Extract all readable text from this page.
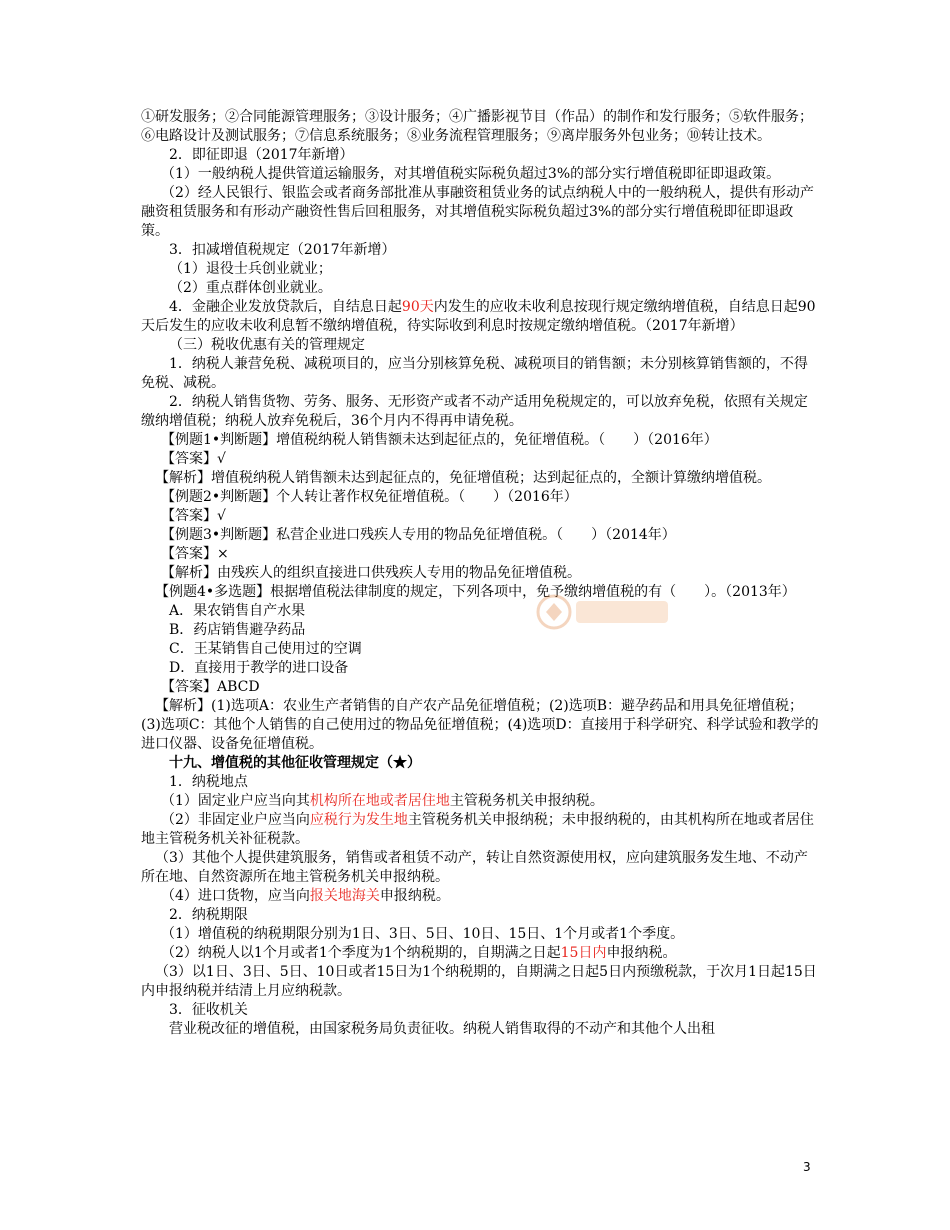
①研发服务；②合同能源管理服务；③设计服务；④广播影视节目（作品）的制作和发行服务；⑤软件服务；⑥电路设计及测试服务；⑦信息系统服务；⑧业务流程管理服务；⑨离岸服务外包业务；⑩转让技术。

2．即征即退（2017年新增）

（1）一般纳税人提供管道运输服务，对其增值税实际税负超过3%的部分实行增值税即征即退政策。

（2）经人民银行、银监会或者商务部批准从事融资租赁业务的试点纳税人中的一般纳税人，提供有形动产融资租赁服务和有形动产融资性售后回租服务，对其增值税实际税负超过3%的部分实行增值税即征即退政策。

3．扣减增值税规定（2017年新增）

（1）退役士兵创业就业；

（2）重点群体创业就业。

4．金融企业发放贷款后，自结息日起90天内发生的应收未收利息按现行规定缴纳增值税，自结息日起90天后发生的应收未收利息暂不缴纳增值税，待实际收到利息时按规定缴纳增值税。（2017年新增）

（三）税收优惠有关的管理规定

1．纳税人兼营免税、减税项目的，应当分别核算免税、减税项目的销售额；未分别核算销售额的，不得免税、减税。

2．纳税人销售货物、劳务、服务、无形资产或者不动产适用免税规定的，可以放弃免税，依照有关规定缴纳增值税；纳税人放弃免税后，36个月内不得再申请免税。

【例题1•判断题】增值税纳税人销售额未达到起征点的，免征增值税。（　　）（2016年）

【答案】√

【解析】增值税纳税人销售额未达到起征点的，免征增值税；达到起征点的，全额计算缴纳增值税。

【例题2•判断题】个人转让著作权免征增值税。（　　）（2016年）

【答案】√

【例题3•判断题】私营企业进口残疾人专用的物品免征增值税。（　　）（2014年）

【答案】×

【解析】由残疾人的组织直接进口供残疾人专用的物品免征增值税。

【例题4•多选题】根据增值税法律制度的规定，下列各项中，免予缴纳增值税的有（　　）。（2013年）

A．果农销售自产水果

B．药店销售避孕药品

C．王某销售自己使用过的空调

D．直接用于教学的进口设备

【答案】ABCD

【解析】(1)选项A：农业生产者销售的自产农产品免征增值税；(2)选项B：避孕药品和用具免征增值税；(3)选项C：其他个人销售的自己使用过的物品免征增值税；(4)选项D：直接用于科学研究、科学试验和教学的进口仪器、设备免征增值税。

十九、增值税的其他征收管理规定（★）

1．纳税地点

（1）固定业户应当向其机构所在地或者居住地主管税务机关申报纳税。

（2）非固定业户应当向应税行为发生地主管税务机关申报纳税；未申报纳税的，由其机构所在地或者居住地主管税务机关补征税款。

（3）其他个人提供建筑服务，销售或者租赁不动产，转让自然资源使用权，应向建筑服务发生地、不动产所在地、自然资源所在地主管税务机关申报纳税。

（4）进口货物，应当向报关地海关申报纳税。

2．纳税期限

（1）增值税的纳税期限分别为1日、3日、5日、10日、15日、1个月或者1个季度。

（2）纳税人以1个月或者1个季度为1个纳税期的，自期满之日起15日内申报纳税。

（3）以1日、3日、5日、10日或者15日为1个纳税期的，自期满之日起5日内预缴税款，于次月1日起15日内申报纳税并结清上月应纳税款。

3．征收机关

营业税改征的增值税，由国家税务局负责征收。纳税人销售取得的不动产和其他个人出租

3
